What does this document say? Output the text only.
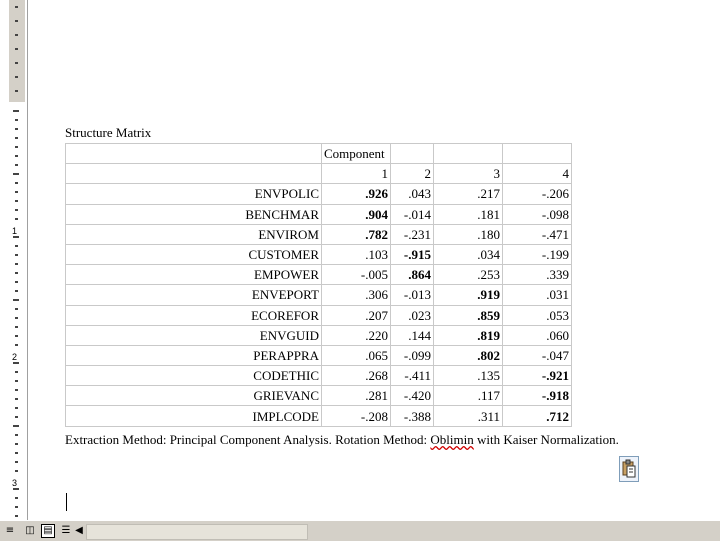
1
2
3
Structure Matrix
	Component			
	1	2	3	4
ENVPOLIC	.926	.043	.217	-.206
BENCHMAR	.904	-.014	.181	-.098
ENVIROM	.782	-.231	.180	-.471
CUSTOMER	.103	-.915	.034	-.199
EMPOWER	-.005	.864	.253	.339
ENVEPORT	.306	-.013	.919	.031
ECOREFOR	.207	.023	.859	.053
ENVGUID	.220	.144	.819	.060
PERAPPRA	.065	-.099	.802	-.047
CODETHIC	.268	-.411	.135	-.921
GRIEVANC	.281	-.420	.117	-.918
IMPLCODE	-.208	-.388	.311	.712
Extraction Method: Principal Component Analysis. Rotation Method: Oblimin with Kaiser Normalization.
≡ ◫ ▤ ☰ ◀
